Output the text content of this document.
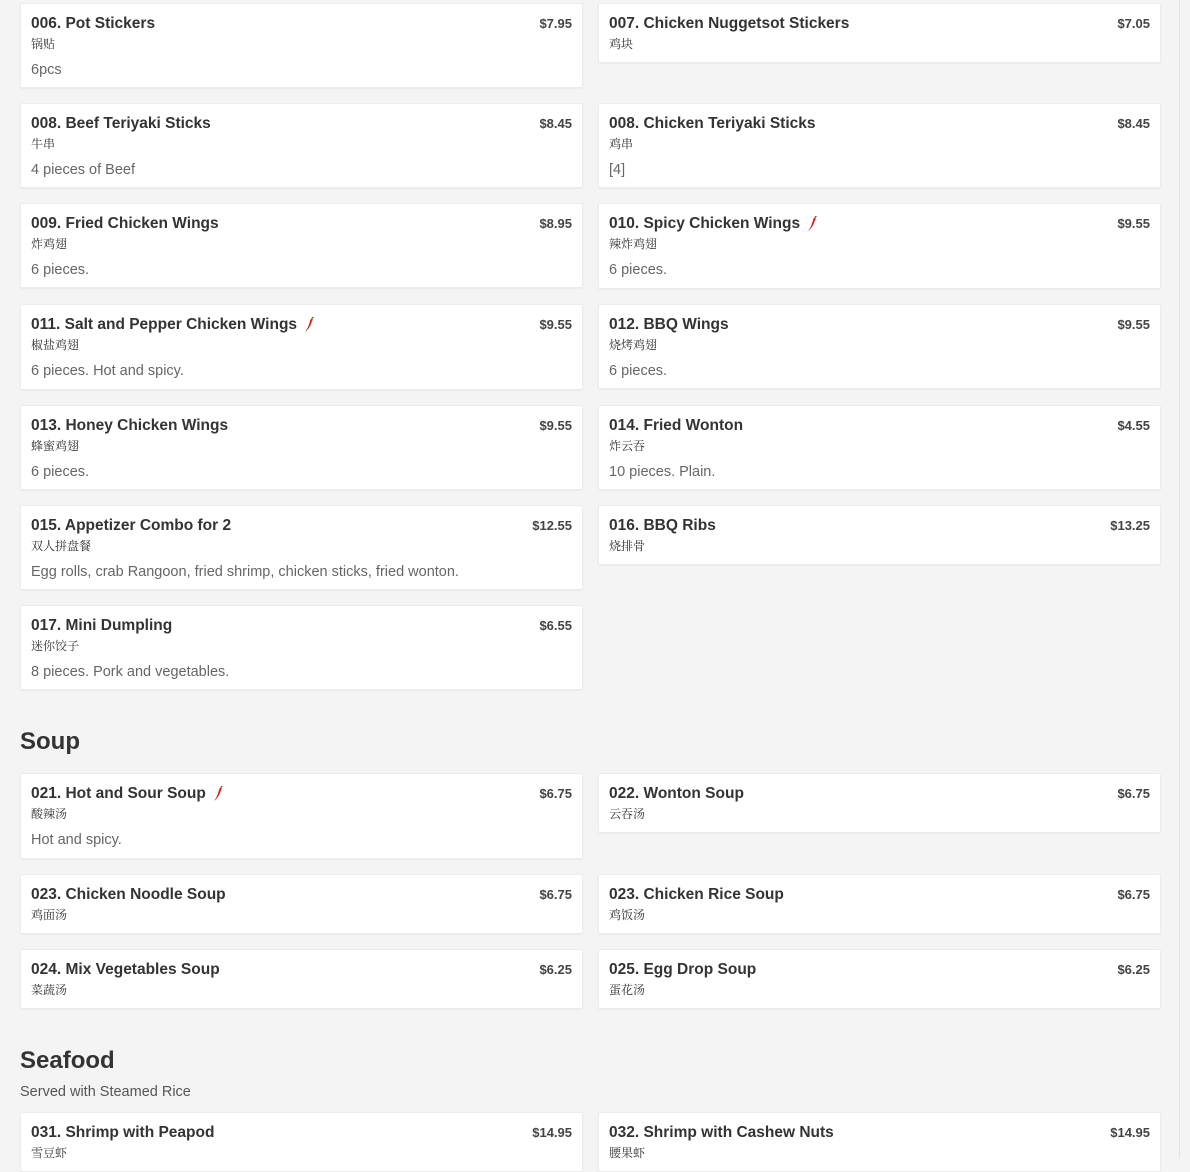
006. Pot Stickers	$7.95
锅贴
6pcs
007. Chicken Nuggetsot Stickers	$7.05
鸡块
008. Beef Teriyaki Sticks	$8.45
牛串
4 pieces of Beef
008. Chicken Teriyaki Sticks	$8.45
鸡串
[4]
009. Fried Chicken Wings	$8.95
炸鸡翅
6 pieces.
010. Spicy Chicken Wings	$9.55
辣炸鸡翅
6 pieces.
011. Salt and Pepper Chicken Wings	$9.55
椒盐鸡翅
6 pieces. Hot and spicy.
012. BBQ Wings	$9.55
烧烤鸡翅
6 pieces.
013. Honey Chicken Wings	$9.55
蜂蜜鸡翅
6 pieces.
014. Fried Wonton	$4.55
炸云吞
10 pieces. Plain.
015. Appetizer Combo for 2	$12.55
双人拼盘餐
Egg rolls, crab Rangoon, fried shrimp, chicken sticks, fried wonton.
016. BBQ Ribs	$13.25
烧排骨
017. Mini Dumpling	$6.55
迷你饺子
8 pieces. Pork and vegetables.
Soup
021. Hot and Sour Soup	$6.75
酸辣汤
Hot and spicy.
022. Wonton Soup	$6.75
云吞汤
023. Chicken Noodle Soup	$6.75
鸡面汤
023. Chicken Rice Soup	$6.75
鸡饭汤
024. Mix Vegetables Soup	$6.25
菜蔬汤
025. Egg Drop Soup	$6.25
蛋花汤
Seafood
Served with Steamed Rice
031. Shrimp with Peapod	$14.95
雪豆虾
032. Shrimp with Cashew Nuts	$14.95
腰果虾
